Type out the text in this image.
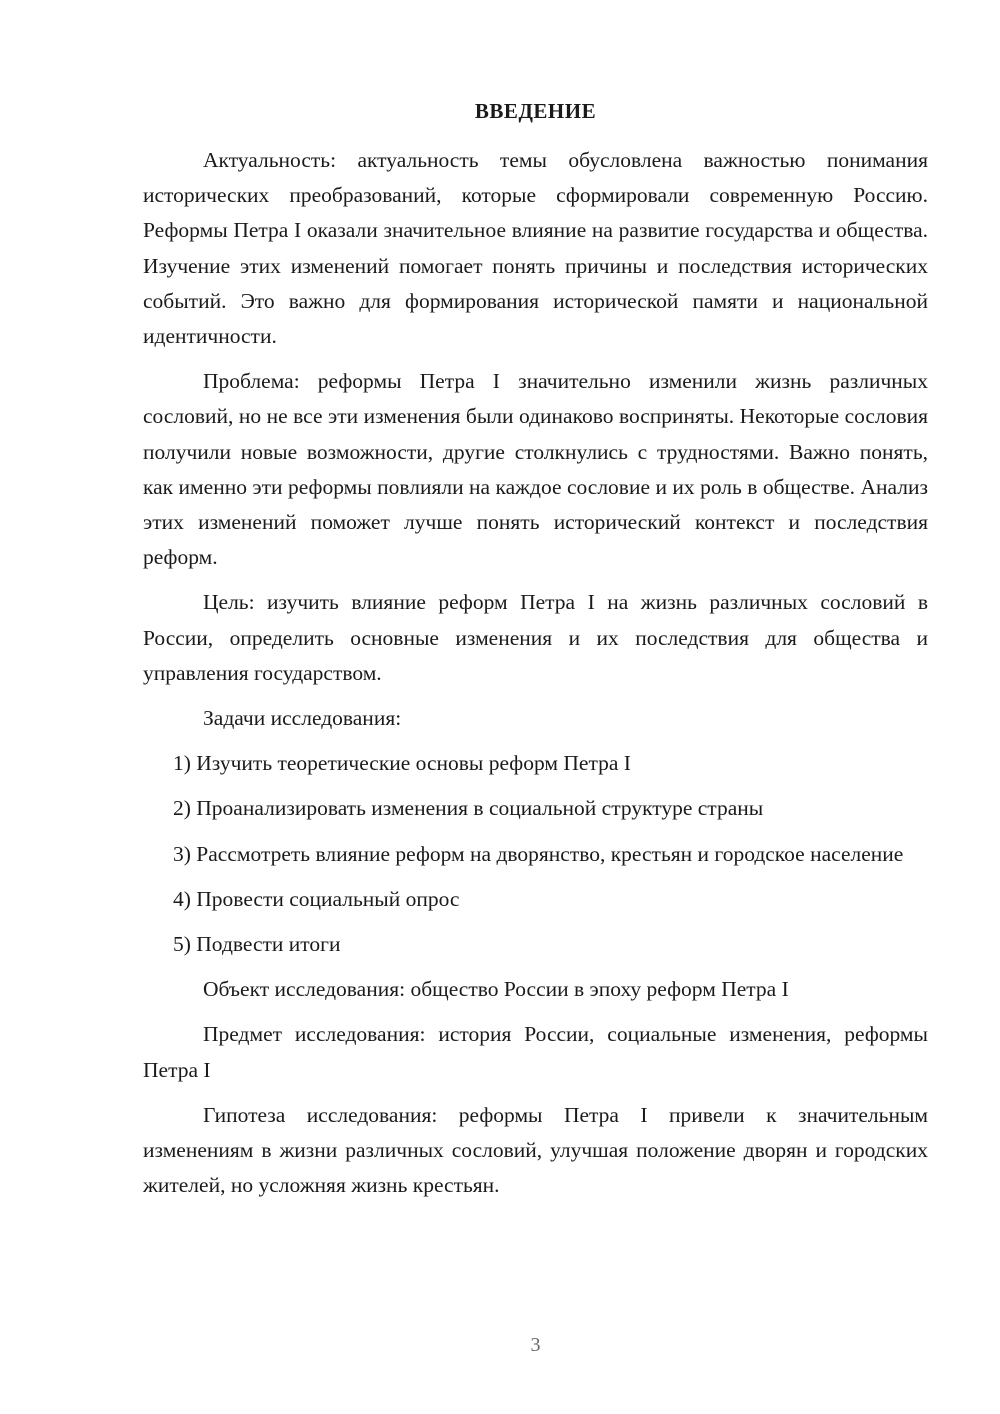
ВВЕДЕНИЕ

Актуальность: актуальность темы обусловлена важностью понимания исторических преобразований, которые сформировали современную Россию. Реформы Петра I оказали значительное влияние на развитие государства и общества. Изучение этих изменений помогает понять причины и последствия исторических событий. Это важно для формирования исторической памяти и национальной идентичности.

Проблема: реформы Петра I значительно изменили жизнь различных сословий, но не все эти изменения были одинаково восприняты. Некоторые сословия получили новые возможности, другие столкнулись с трудностями. Важно понять, как именно эти реформы повлияли на каждое сословие и их роль в обществе. Анализ этих изменений поможет лучше понять исторический контекст и последствия реформ.

Цель: изучить влияние реформ Петра I на жизнь различных сословий в России, определить основные изменения и их последствия для общества и управления государством.

Задачи исследования:

1) Изучить теоретические основы реформ Петра I

2) Проанализировать изменения в социальной структуре страны

3) Рассмотреть влияние реформ на дворянство, крестьян и городское население

4) Провести социальный опрос

5) Подвести итоги

Объект исследования: общество России в эпоху реформ Петра I

Предмет исследования: история России, социальные изменения, реформы Петра I

Гипотеза исследования: реформы Петра I привели к значительным изменениям в жизни различных сословий, улучшая положение дворян и городских жителей, но усложняя жизнь крестьян.

3
